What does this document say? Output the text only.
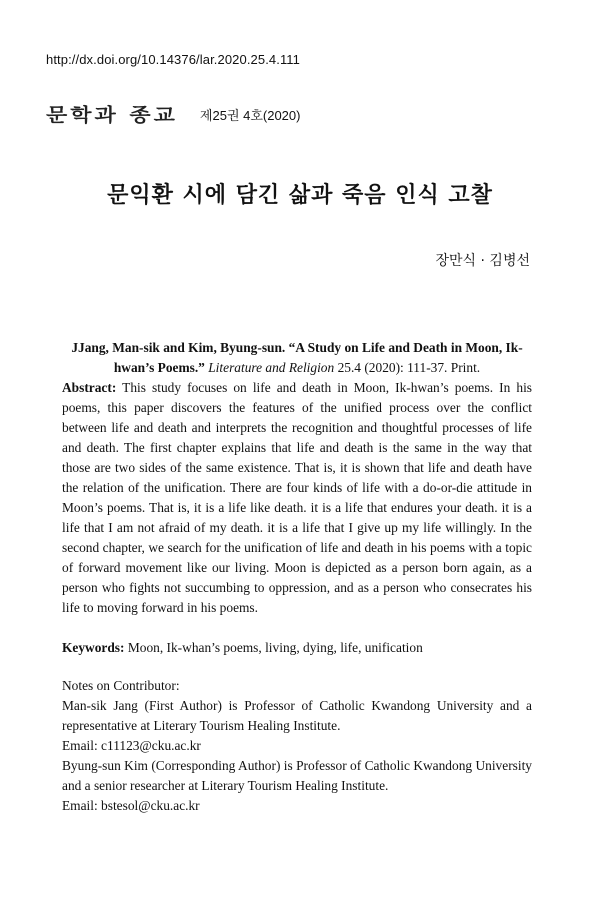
http://dx.doi.org/10.14376/lar.2020.25.4.111
문학과 종교 제25권 4호(2020)
문익환 시에 담긴 삶과 죽음 인식 고찰
장만식 · 김병선
JJang, Man-sik and Kim, Byung-sun. “A Study on Life and Death in Moon, Ik-hwan’s Poems.” Literature and Religion 25.4 (2020): 111-37. Print.

Abstract: This study focuses on life and death in Moon, Ik-hwan’s poems. In his poems, this paper discovers the features of the unified process over the conflict between life and death and interprets the recognition and thoughtful processes of life and death. The first chapter explains that life and death is the same in the way that those are two sides of the same existence. That is, it is shown that life and death have the relation of the unification. There are four kinds of life with a do-or-die attitude in Moon’s poems. That is, it is a life like death. it is a life that endures your death. it is a life that I am not afraid of my death. it is a life that I give up my life willingly. In the second chapter, we search for the unification of life and death in his poems with a topic of forward movement like our living. Moon is depicted as a person born again, as a person who fights not succumbing to oppression, and as a person who consecrates his life to moving forward in his poems.

Keywords: Moon, Ik-whan’s poems, living, dying, life, unification
Notes on Contributor:
Man-sik Jang (First Author) is Professor of Catholic Kwandong University and a representative at Literary Tourism Healing Institute.
Email: c11123@cku.ac.kr
Byung-sun Kim (Corresponding Author) is Professor of Catholic Kwandong University and a senior researcher at Literary Tourism Healing Institute.
Email: bstesol@cku.ac.kr
